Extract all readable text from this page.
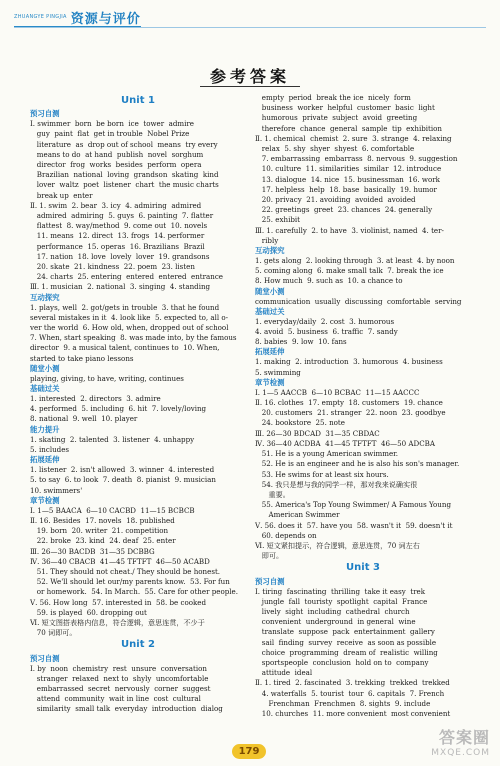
ZHUANGYE PINGJIA 资源与评价
参考答案
Unit 1
预习自测
Ⅰ. swimmer  born  be born  ice  tower  admire
guy  paint  flat  get in trouble  Nobel Prize
literature  as  drop out of school  means  try every
means to do  at hand  publish  novel  sorghum
director  frog  works  besides  perform  opera
Brazilian  national  loving  grandson  skating  kind
lover  waltz  poet  listener  chart  the music charts
break up  enter
Ⅱ. 1. swim  2. bear  3. icy  4. admiring  admired
admired  admiring  5. guys  6. painting  7. flatter
flattest  8. way/method  9. come out  10. novels
11. means  12. direct  13. frogs  14. performer
performance  15. operas  16. Brazilians  Brazil
17. nation  18. love  lovely  lover  19. grandsons
20. skate  21. kindness  22. poem  23. listen
24. charts  25. entering  entered  entered  entrance
Ⅲ. 1. musician  2. national  3. singing  4. standing
互动探究
1. plays, well  2. got/gets in trouble  3. that he found
several mistakes in it  4. look like  5. expected to, all o-
ver the world  6. How old, when, dropped out of school
7. When, start speaking  8. was made into, by the famous
director  9. a musical talent, continues to  10. When,
started to take piano lessons
随堂小测
playing, giving, to have, writing, continues
基础过关
1. interested  2. directors  3. admire
4. performed  5. including  6. hit  7. lovely/loving
8. national  9. well  10. player
能力提升
1. skating  2. talented  3. listener  4. unhappy
5. includes
拓展延伸
1. listener  2. isn't allowed  3. winner  4. interested
5. to say  6. to look  7. death  8. pianist  9. musician
10. swimmers'
章节检测
Ⅰ. 1—5 BAACA  6—10 CACBD  11—15 BCBCB
Ⅱ. 16. Besides  17. novels  18. published
19. born  20. writer  21. competition
22. broke  23. kind  24. deaf  25. enter
Ⅲ. 26—30 BACDB  31—35 DCBBG
Ⅳ. 36—40 CBACB  41—45 TFTFT  46—50 ACABD
51. They should not cheat./ They should be honest.
52. We'll should let our/my parents know.  53. For fun
or homework.  54. In March.  55. Care for other people.
Ⅴ. 56. How long  57. interested in  58. be cooked
59. is played  60. dropping out
Ⅵ. 短文图搭表格内信息，符合逻辑，意思连贯，不少于
70 词即可。
Unit 2
预习自测
Ⅰ. by  noon  chemistry  rest  unsure  conversation
stranger  relaxed  next to  shyly  uncomfortable
embarrassed  secret  nervously  corner  suggest
attend  community  wait in line  cost  cultural
similarity  small talk  everyday  introduction  dialog
empty  period  break the ice  nicely  form
business  worker  helpful  customer  basic  light
humorous  private  subject  avoid  greeting
therefore  chance  general  sample  tip  exhibition
Ⅱ. 1. chemical  chemist  2. sure  3. strange  4. relaxing
relax  5. shy  shyer  shyest  6. comfortable
7. embarrassing  embarrass  8. nervous  9. suggestion
10. culture  11. similarities  similar  12. introduce
13. dialogue  14. nice  15. businessman  16. work
17. helpless  help  18. base  basically  19. humor
20. privacy  21. avoiding  avoided  avoided
22. greetings  greet  23. chances  24. generally
25. exhibit
Ⅲ. 1. carefully  2. to have  3. violinist, named  4. ter-
ribly
互动探究
1. gets along  2. looking through  3. at least  4. by noon
5. coming along  6. make small talk  7. break the ice
8. How much  9. such as  10. a chance to
随堂小测
communication  usually  discussing  comfortable  serving
基础过关
1. everyday/daily  2. cost  3. humorous
4. avoid  5. business  6. traffic  7. sandy
8. babies  9. low  10. fans
拓展延伸
1. making  2. introduction  3. humorous  4. business
5. swimming
章节检测
Ⅰ. 1—5 AACCB  6—10 BCBAC  11—15 AACCC
Ⅱ. 16. clothes  17. empty  18. customers  19. chance
20. customers  21. stranger  22. noon  23. goodbye
24. bookstore  25. note
Ⅲ. 26—30 BDCAD  31—35 CBDAC
Ⅳ. 36—40 ACDBA  41—45 TFTFT  46—50 ADCBA
51. He is a young American swimmer.
52. He is an engineer and he is also his son's manager.
53. He swims for at least six hours.
54. 我只是想与我的同学一样，那对我来说确实很
重要。
55. America's Top Young Swimmer/ A Famous Young
American Swimmer
Ⅴ. 56. does it  57. have you  58. wasn't it  59. doesn't it
60. depends on
Ⅵ. 短文紧扣提示，符合逻辑，意思连贯，70 词左右
即可。
Unit 3
预习自测
Ⅰ. tiring  fascinating  thrilling  take it easy  trek
jungle  fall  touristy  spotlight  capital  France
lively  sight  including  cathedral  church
convenient  underground  in general  wine
translate  suppose  pack  entertainment  gallery
sail  finding  survey  receive  as soon as possible
choice  programming  dream of  realistic  willing
sportspeople  conclusion  hold on to  company
attitude  ideal
Ⅱ. 1. tired  2. fascinated  3. trekking  trekked  trekked
4. waterfalls  5. tourist  tour  6. capitals  7. French
Frenchman  Frenchmen  8. sights  9. include
10. churches  11. more convenient  most convenient
179
答案圈
MXQE.COM
